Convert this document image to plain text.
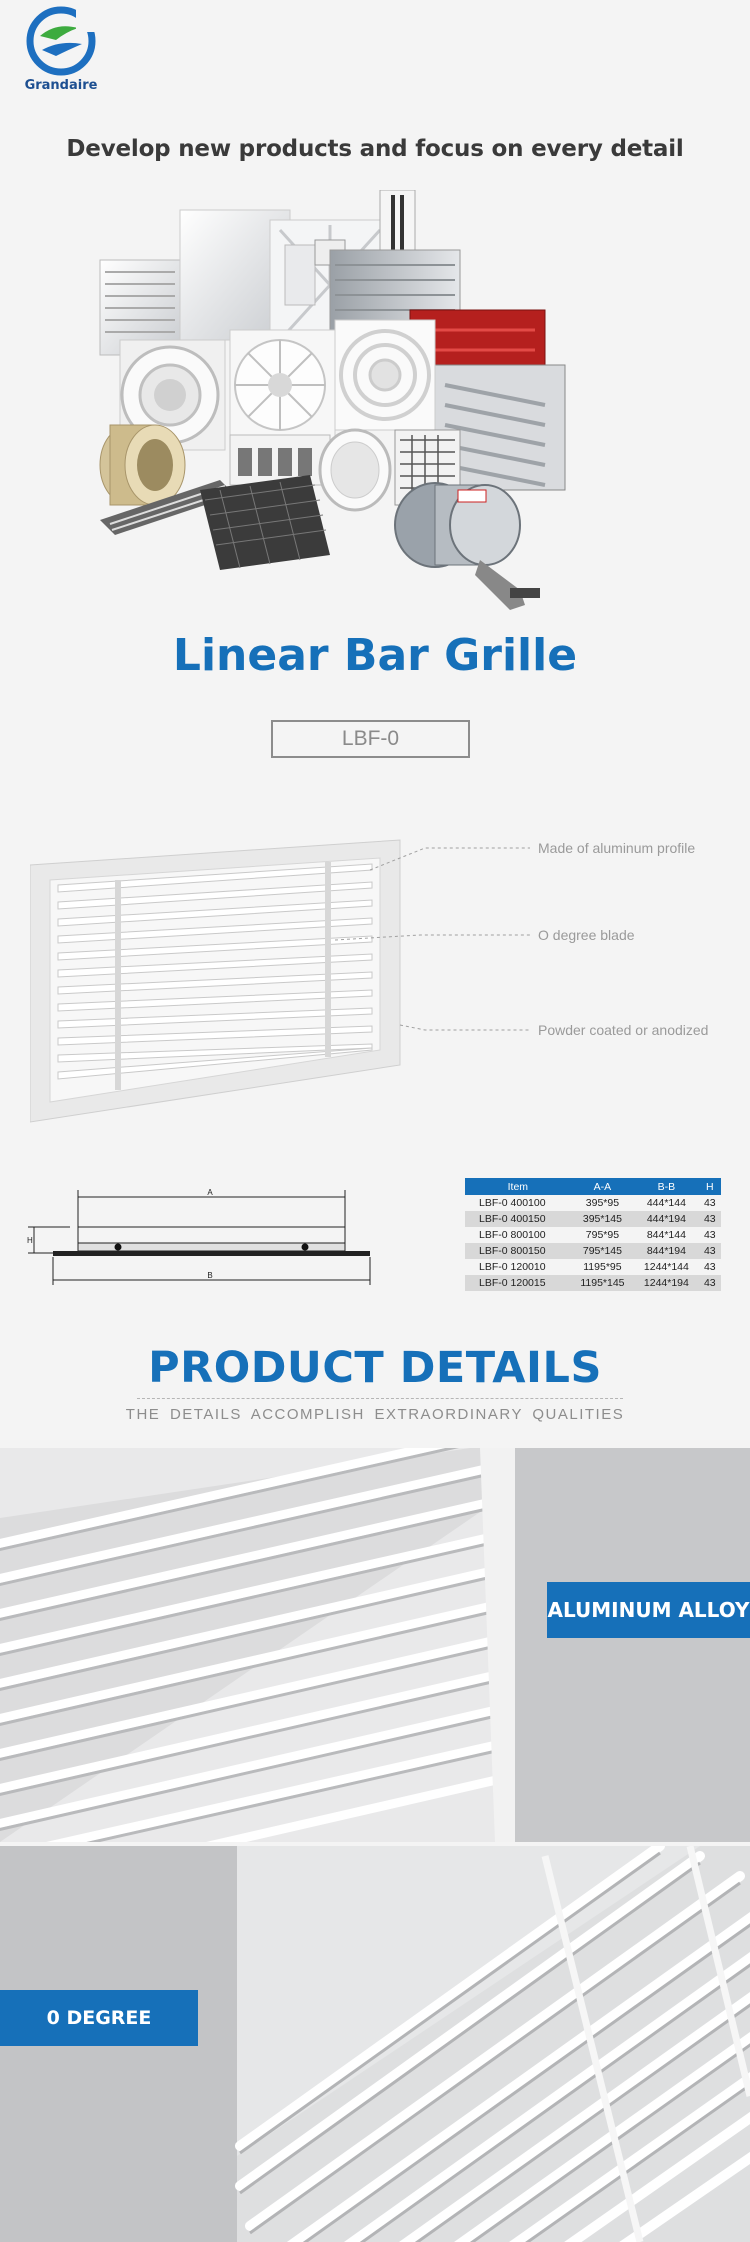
Grandaire
Develop new products and focus on every detail
Linear Bar Grille
LBF-0
Made of aluminum profile
O degree blade
Powder coated or anodized
A
H
B
Item	A-A	B-B	H
LBF-0 400100	395*95	444*144	43
LBF-0 400150	395*145	444*194	43
LBF-0 800100	795*95	844*144	43
LBF-0 800150	795*145	844*194	43
LBF-0 120010	1195*95	1244*144	43
LBF-0 120015	1195*145	1244*194	43
PRODUCT DETAILS
THE DETAILS ACCOMPLISH EXTRAORDINARY QUALITIES
ALUMINUM ALLOY
0 DEGREE
